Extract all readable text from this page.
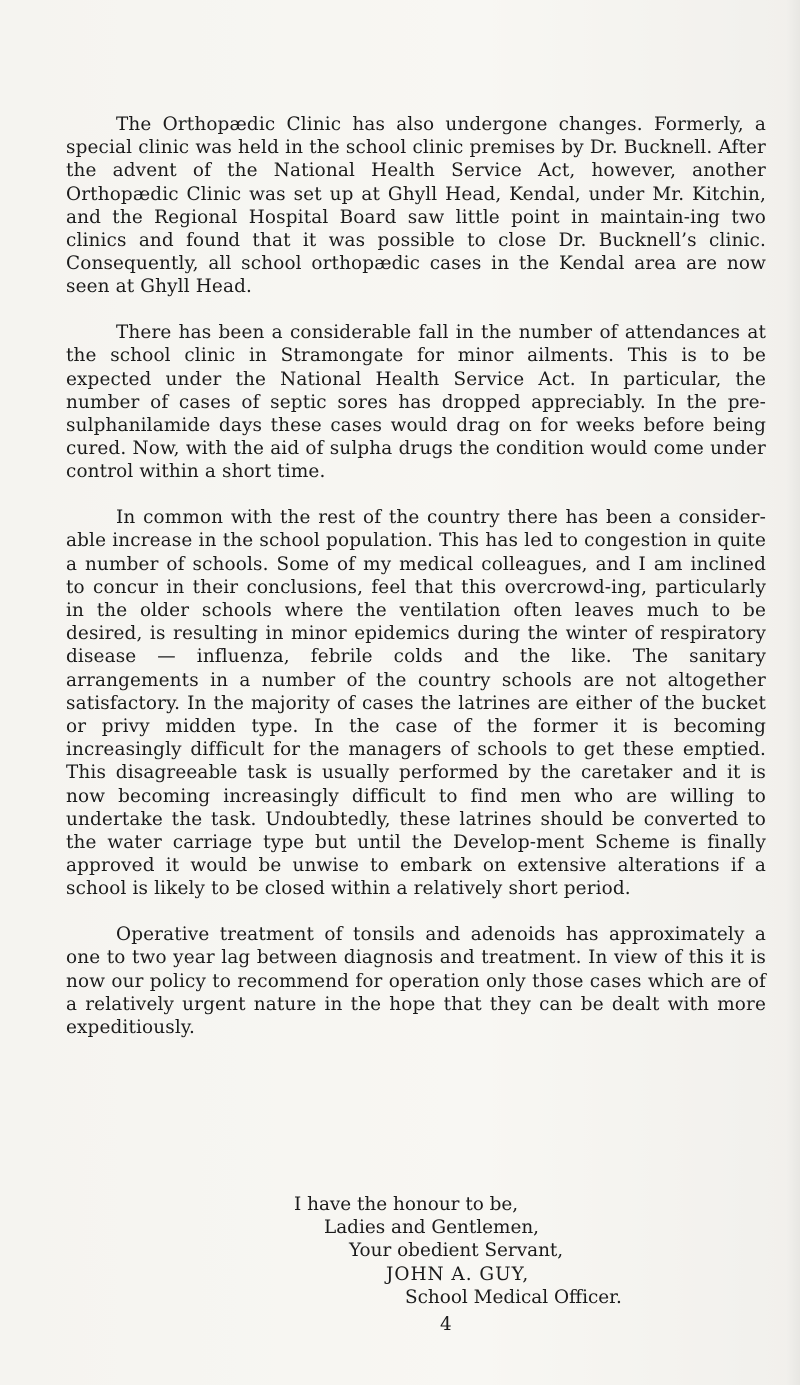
The Orthopædic Clinic has also undergone changes. Formerly, a special clinic was held in the school clinic premises by Dr. Bucknell. After the advent of the National Health Service Act, however, another Orthopædic Clinic was set up at Ghyll Head, Kendal, under Mr. Kitchin, and the Regional Hospital Board saw little point in maintain-ing two clinics and found that it was possible to close Dr. Bucknell’s clinic. Consequently, all school orthopædic cases in the Kendal area are now seen at Ghyll Head.

There has been a considerable fall in the number of attendances at the school clinic in Stramongate for minor ailments. This is to be expected under the National Health Service Act. In particular, the number of cases of septic sores has dropped appreciably. In the pre-sulphanilamide days these cases would drag on for weeks before being cured. Now, with the aid of sulpha drugs the condition would come under control within a short time.

In common with the rest of the country there has been a consider-able increase in the school population. This has led to congestion in quite a number of schools. Some of my medical colleagues, and I am inclined to concur in their conclusions, feel that this overcrowd-ing, particularly in the older schools where the ventilation often leaves much to be desired, is resulting in minor epidemics during the winter of respiratory disease — influenza, febrile colds and the like. The sanitary arrangements in a number of the country schools are not altogether satisfactory. In the majority of cases the latrines are either of the bucket or privy midden type. In the case of the former it is becoming increasingly difficult for the managers of schools to get these emptied. This disagreeable task is usually performed by the caretaker and it is now becoming increasingly difficult to find men who are willing to undertake the task. Undoubtedly, these latrines should be converted to the water carriage type but until the Develop-ment Scheme is finally approved it would be unwise to embark on extensive alterations if a school is likely to be closed within a relatively short period.

Operative treatment of tonsils and adenoids has approximately a one to two year lag between diagnosis and treatment. In view of this it is now our policy to recommend for operation only those cases which are of a relatively urgent nature in the hope that they can be dealt with more expeditiously.

I have the honour to be,
Ladies and Gentlemen,
Your obedient Servant,
JOHN A. GUY,
School Medical Officer.
4
